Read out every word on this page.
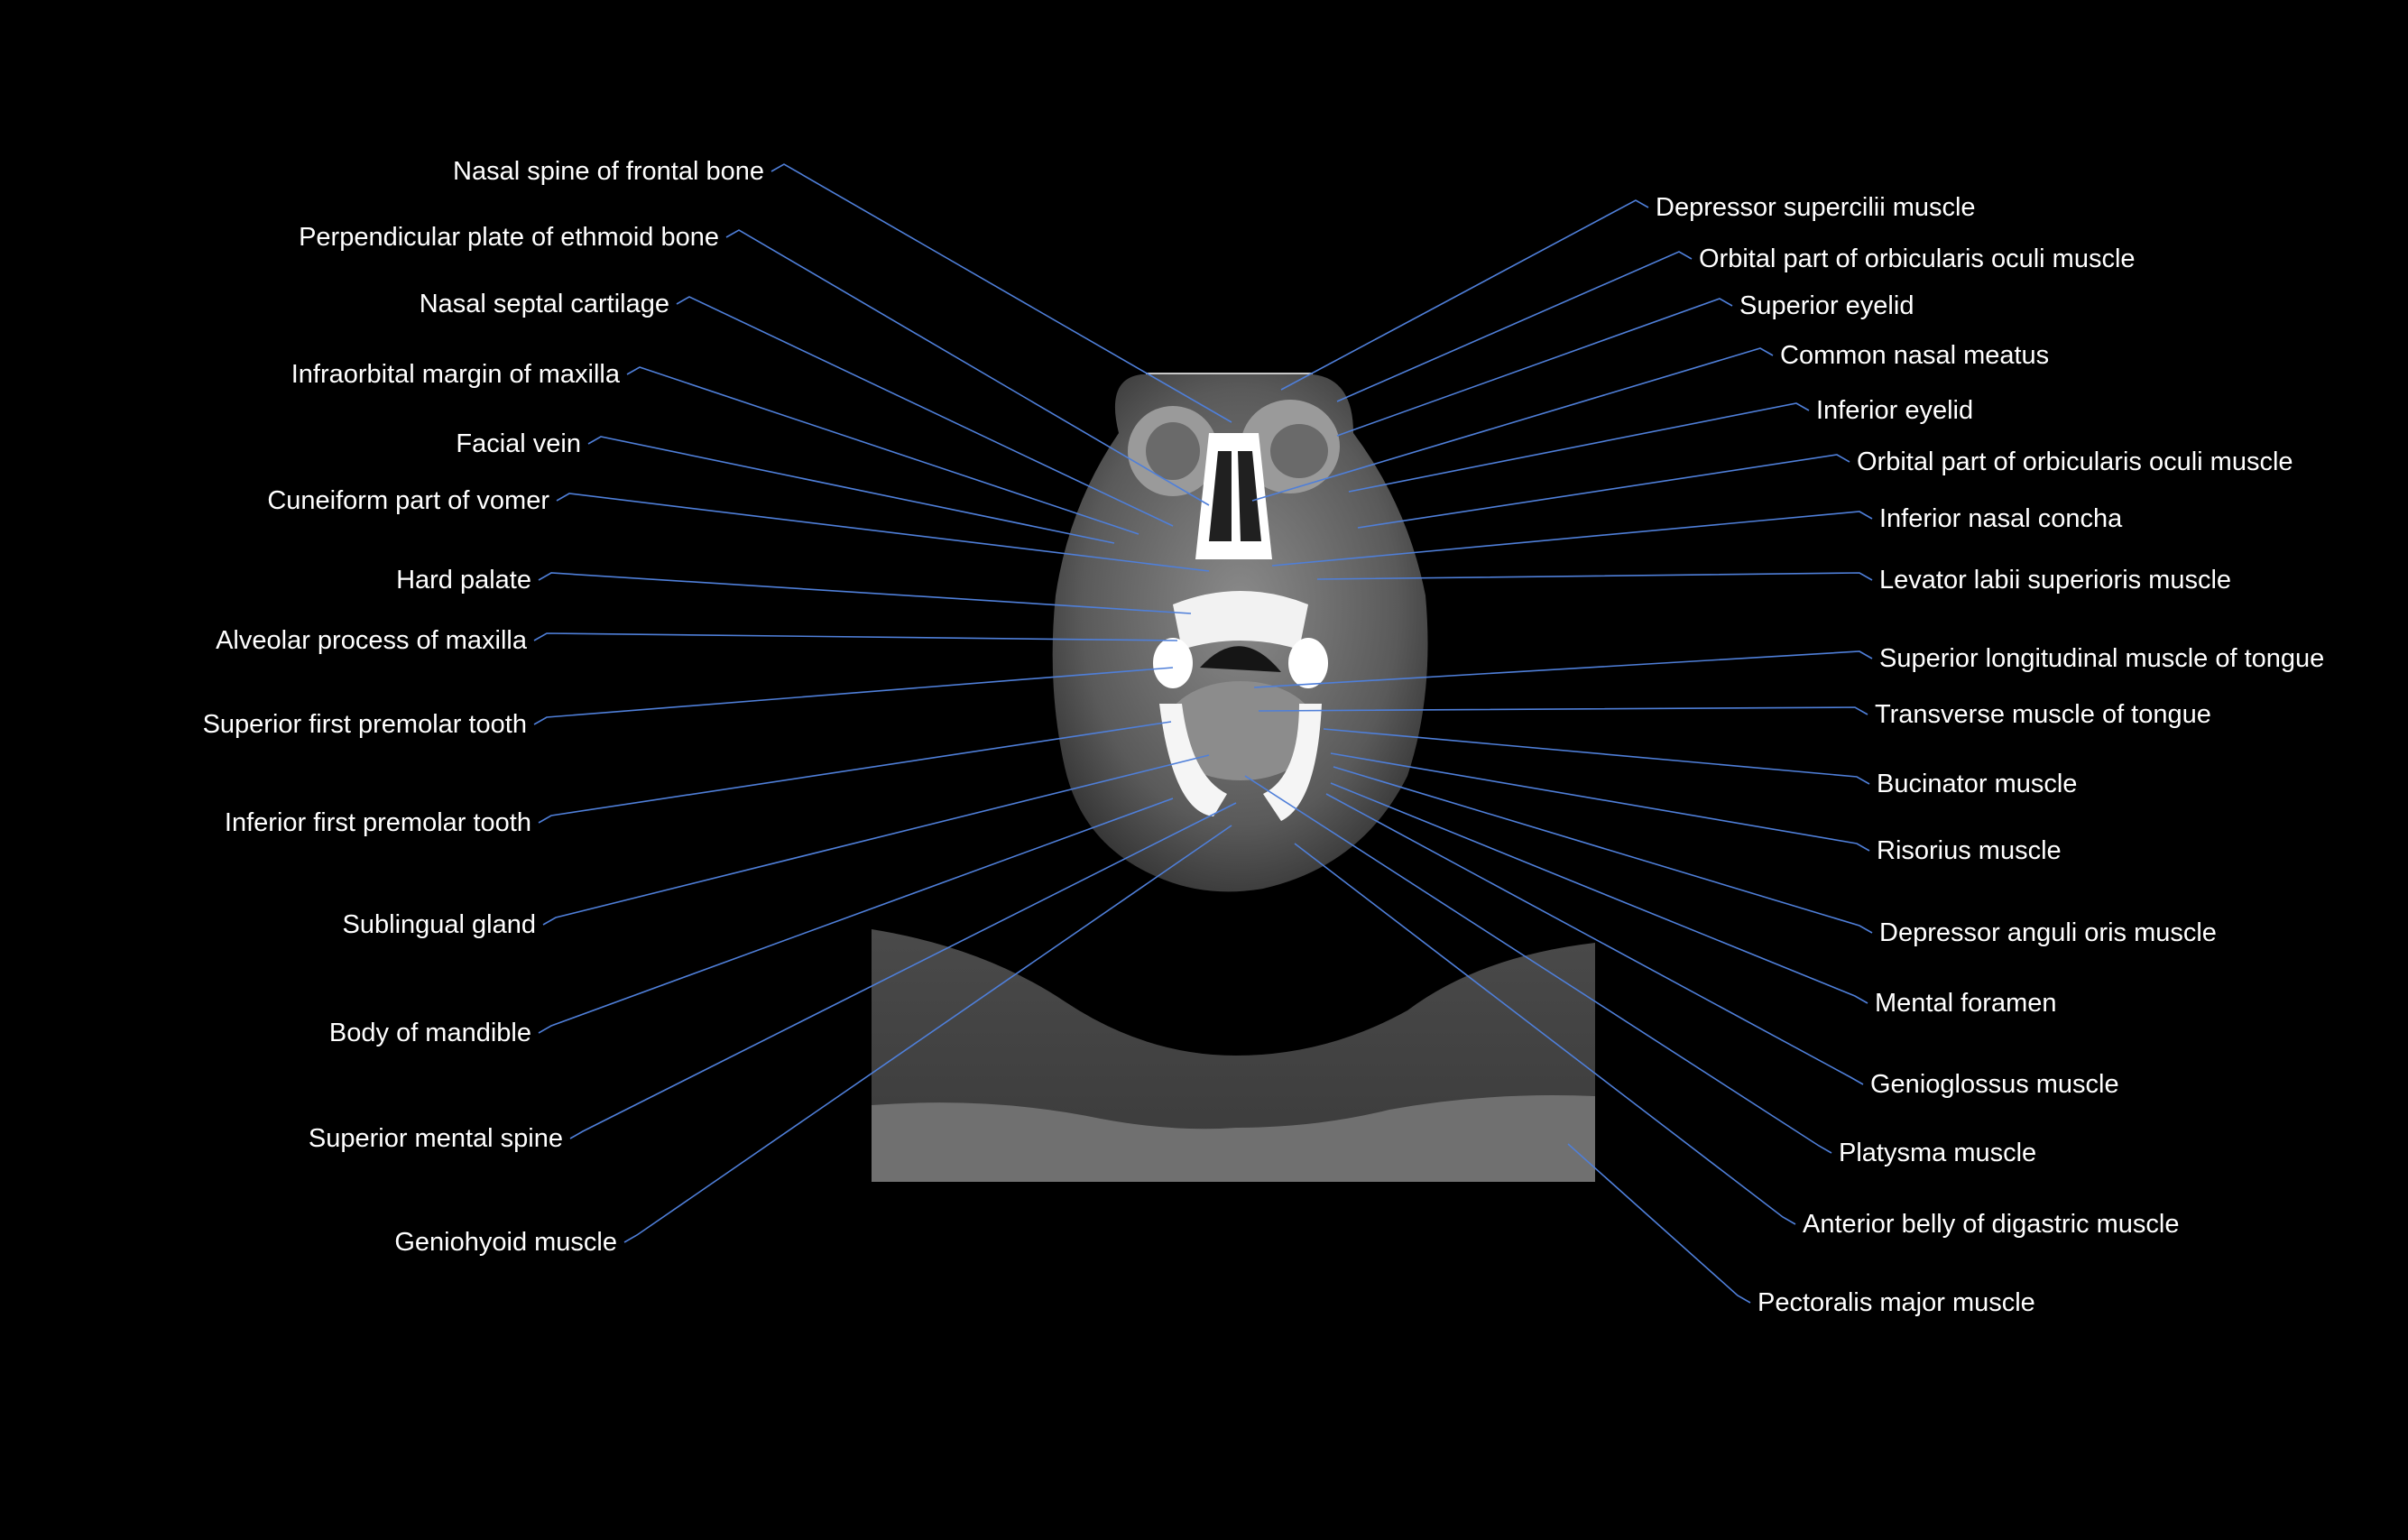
Nasal spine of frontal bone
Perpendicular plate of ethmoid bone
Nasal septal cartilage
Infraorbital margin of maxilla
Facial vein
Cuneiform part of vomer
Hard palate
Alveolar process of maxilla
Superior first premolar tooth
Inferior first premolar tooth
Sublingual gland
Body of mandible
Superior mental spine
Geniohyoid muscle
Depressor supercilii muscle
Orbital part of orbicularis oculi muscle
Superior eyelid
Common nasal meatus
Inferior eyelid
Orbital part of orbicularis oculi muscle
Inferior nasal concha
Levator labii superioris muscle
Superior longitudinal muscle of tongue
Transverse muscle of tongue
Bucinator muscle
Risorius muscle
Depressor anguli oris muscle
Mental foramen
Genioglossus muscle
Platysma muscle
Anterior belly of digastric muscle
Pectoralis major muscle
